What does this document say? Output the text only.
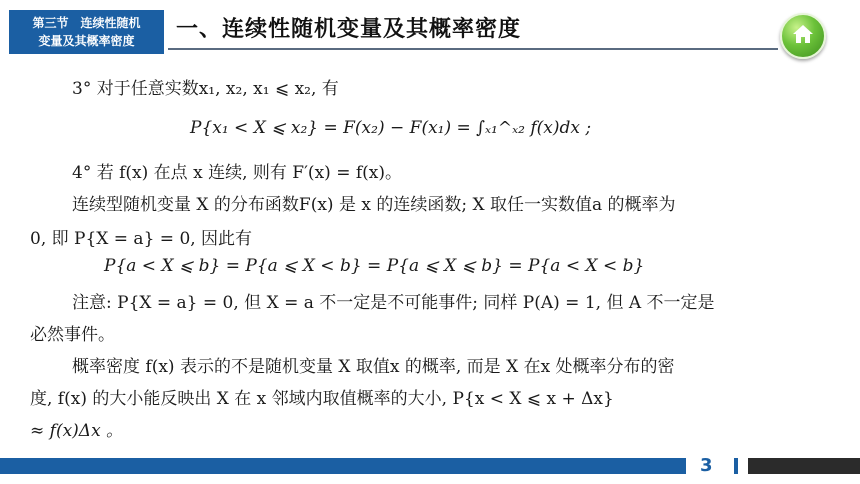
第三节　连续性随机
变量及其概率密度 一、连续性随机变量及其概率密度
3° 对于任意实数x₁, x₂, x₁ ⩽ x₂, 有
P{x₁ < X ⩽ x₂} = F(x₂) − F(x₁) = ∫ₓ₁^ₓ₂ f(x)dx ;
4° 若 f(x) 在点 x 连续, 则有 F′(x) = f(x)。
连续型随机变量 X 的分布函数F(x) 是 x 的连续函数; X 取任一实数值a 的概率为
0, 即 P{X = a} = 0, 因此有
P{a < X ⩽ b} = P{a ⩽ X < b} = P{a ⩽ X ⩽ b} = P{a < X < b}
注意: P{X = a} = 0, 但 X = a 不一定是不可能事件; 同样 P(A) = 1, 但 A 不一定是
必然事件。
概率密度 f(x) 表示的不是随机变量 X 取值x 的概率, 而是 X 在x 处概率分布的密
度, f(x) 的大小能反映出 X 在 x 邻域内取值概率的大小, P{x < X ⩽ x + Δx}
≈ f(x)Δx 。
3
